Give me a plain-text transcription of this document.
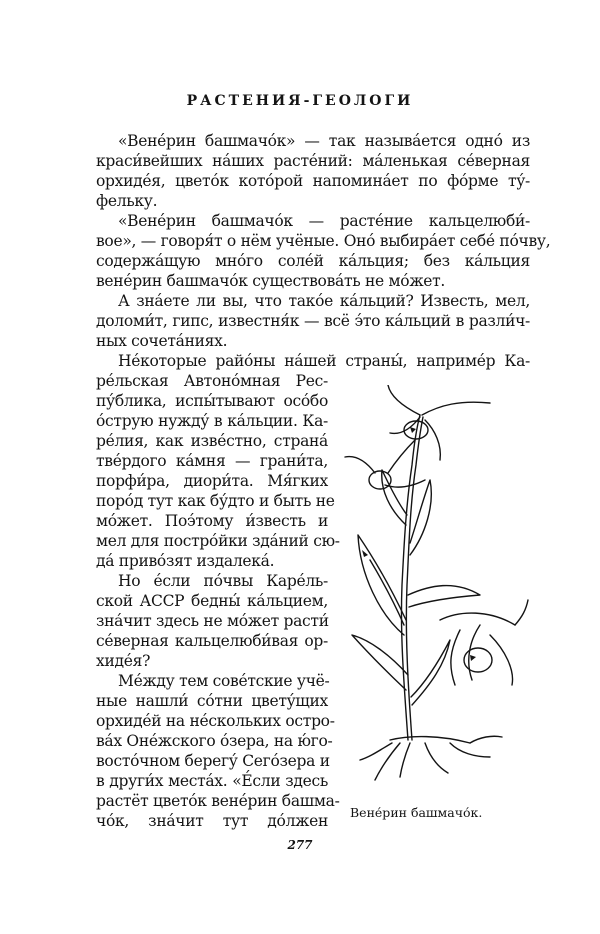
РАСТЕНИЯ-ГЕОЛОГИ
«Вене́рин башмачо́к» — так называ́ется одно́ из
краси́вейших на́ших расте́ний: ма́ленькая се́верная
орхиде́я, цвето́к кото́рой напомина́ет по фо́рме ту́-
фельку.
«Вене́рин башмачо́к — расте́ние кальцелюби́-
вое», — говоря́т о нём учёные. Оно́ выбира́ет себе́ по́чву,
содержа́щую мно́го соле́й ка́льция; без ка́льция
вене́рин башмачо́к существова́ть не мо́жет.
А зна́ете ли вы, что тако́е ка́льций? Известь, мел,
доломи́т, гипс, известня́к — всё э́то ка́льций в разли́ч-
ных сочета́ниях.
Не́которые райо́ны на́шей страны́, наприме́р Ка-
ре́льская Автоно́мная Рес-
пу́блика, испы́тывают осо́бо
о́струю нужду́ в ка́льции. Ка-
ре́лия, как изве́стно, страна́
тве́рдого ка́мня — грани́та,
порфи́ра, диори́та. Мя́гких
поро́д тут как бу́дто и быть не
мо́жет. Поэ́тому и́звесть и
мел для постро́йки зда́ний сю-
да́ приво́зят издалека́.
Но е́сли по́чвы Каре́ль-
ской АССР бедны́ ка́льцием,
зна́чит здесь не мо́жет расти́
се́верная кальцелюби́вая ор-
хиде́я?
Ме́жду тем сове́тские учё-
ные нашли́ со́тни цвету́щих
орхиде́й на не́скольких остро-
ва́х Оне́жского о́зера, на ю́го-
восто́чном берегу́ Сего́зера и
в други́х места́х. «Е́сли здесь
растёт цвето́к вене́рин башма-
чо́к, зна́чит тут до́лжен Вене́рин башмачо́к.
277
